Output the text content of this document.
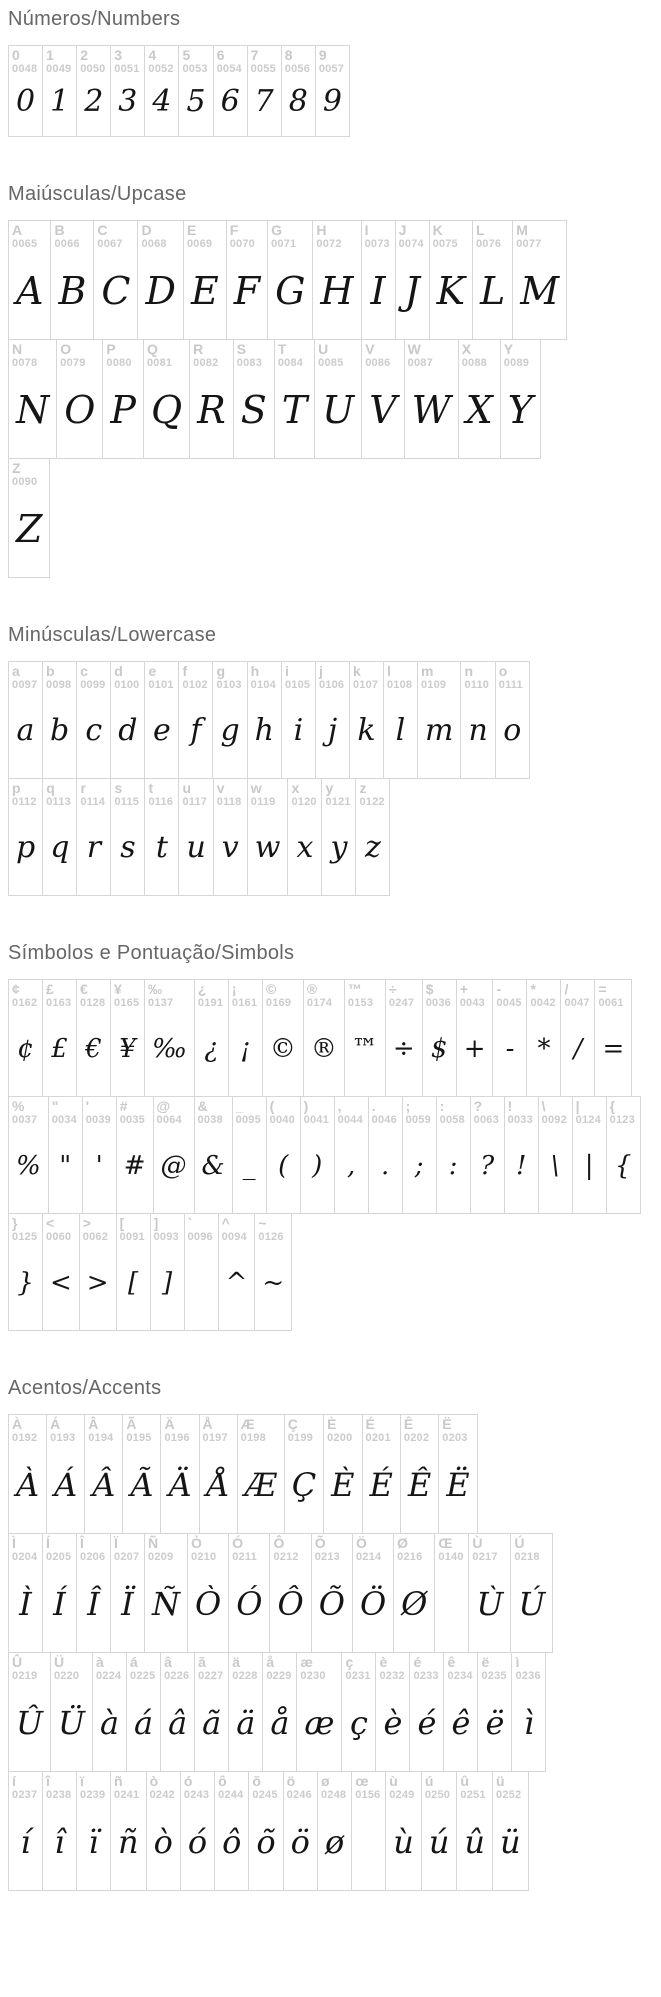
Números/Numbers
0
0048
0
1
0049
1
2
0050
2
3
0051
3
4
0052
4
5
0053
5
6
0054
6
7
0055
7
8
0056
8
9
0057
9
Maiúsculas/Upcase
A
0065
A
B
0066
B
C
0067
C
D
0068
D
E
0069
E
F
0070
F
G
0071
G
H
0072
H
I
0073
I
J
0074
J
K
0075
K
L
0076
L
M
0077
M
N
0078
N
O
0079
O
P
0080
P
Q
0081
Q
R
0082
R
S
0083
S
T
0084
T
U
0085
U
V
0086
V
W
0087
W
X
0088
X
Y
0089
Y
Z
0090
Z
Minúsculas/Lowercase
a
0097
a
b
0098
b
c
0099
c
d
0100
d
e
0101
e
f
0102
f
g
0103
g
h
0104
h
i
0105
i
j
0106
j
k
0107
k
l
0108
l
m
0109
m
n
0110
n
o
0111
o
p
0112
p
q
0113
q
r
0114
r
s
0115
s
t
0116
t
u
0117
u
v
0118
v
w
0119
w
x
0120
x
y
0121
y
z
0122
z
Símbolos e Pontuação/Simbols
¢
0162
¢
£
0163
£
€
0128
€
¥
0165
¥
‰
0137
‰
¿
0191
¿
¡
0161
¡
©
0169
©
®
0174
®
™
0153
™
÷
0247
÷
$
0036
$
+
0043
+
-
0045
-
*
0042
*
/
0047
/
=
0061
=
%
0037
%
"
0034
"
'
0039
'
#
0035
#
@
0064
@
&
0038
&
_
0095
_
(
0040
(
)
0041
)
,
0044
,
.
0046
.
;
0059
;
:
0058
:
?
0063
?
!
0033
!
\
0092
\
|
0124
|
{
0123
{
}
0125
}
<
0060
<
>
0062
>
[
0091
[
]
0093
]
`
0096
^
0094
^
~
0126
~
Acentos/Accents
À
0192
À
Á
0193
Á
Â
0194
Â
Ã
0195
Ã
Ä
0196
Ä
Å
0197
Å
Æ
0198
Æ
Ç
0199
Ç
È
0200
È
É
0201
É
Ê
0202
Ê
Ë
0203
Ë
Ì
0204
Ì
Í
0205
Í
Î
0206
Î
Ï
0207
Ï
Ñ
0209
Ñ
Ò
0210
Ò
Ó
0211
Ó
Ô
0212
Ô
Õ
0213
Õ
Ö
0214
Ö
Ø
0216
Ø
Œ
0140
Ù
0217
Ù
Ú
0218
Ú
Û
0219
Û
Ü
0220
Ü
à
0224
à
á
0225
á
â
0226
â
ã
0227
ã
ä
0228
ä
å
0229
å
æ
0230
æ
ç
0231
ç
è
0232
è
é
0233
é
ê
0234
ê
ë
0235
ë
ì
0236
ì
í
0237
í
î
0238
î
ï
0239
ï
ñ
0241
ñ
ò
0242
ò
ó
0243
ó
ô
0244
ô
õ
0245
õ
ö
0246
ö
ø
0248
ø
œ
0156
ù
0249
ù
ú
0250
ú
û
0251
û
ü
0252
ü
